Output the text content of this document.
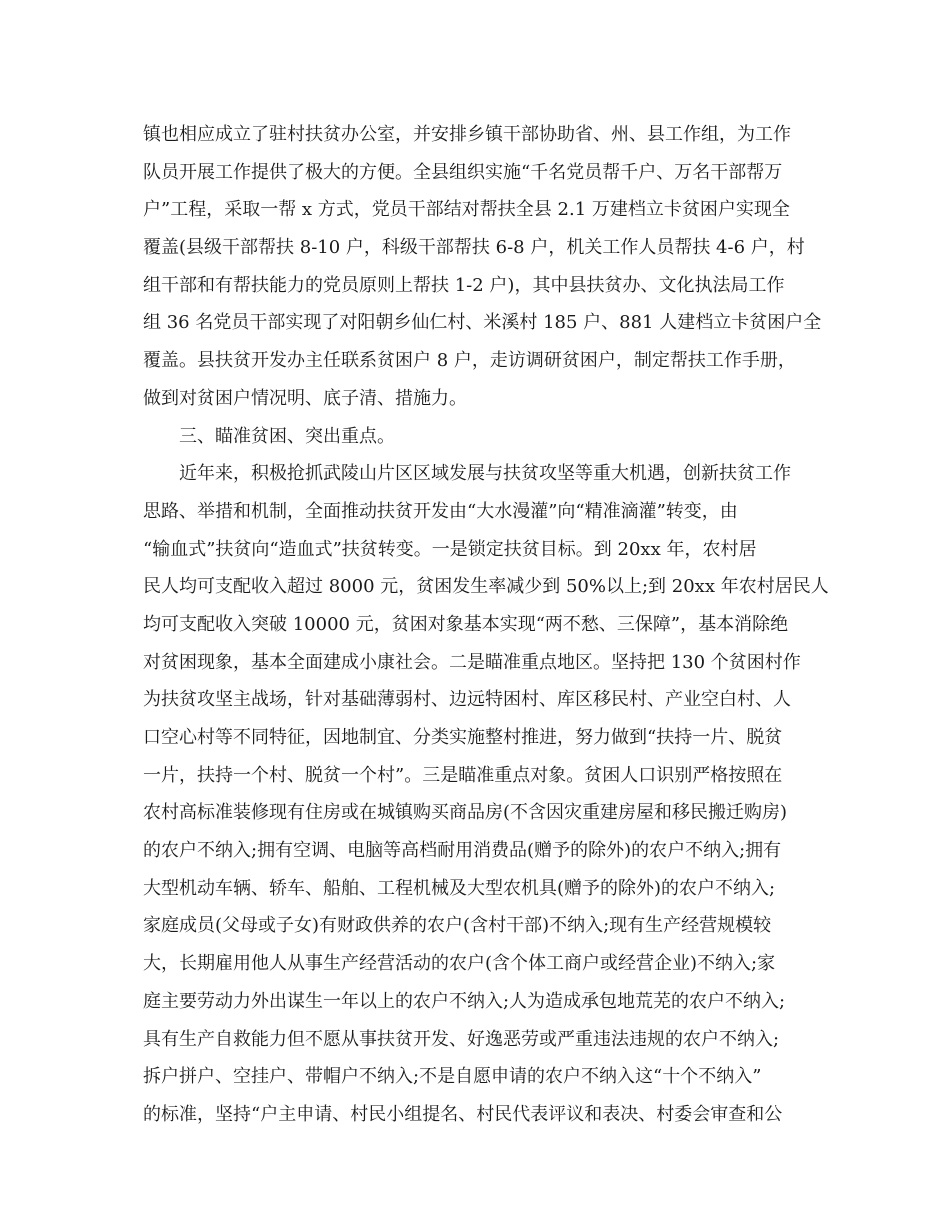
镇也相应成立了驻村扶贫办公室，并安排乡镇干部协助省、州、县工作组，为工作
队员开展工作提供了极大的方便。全县组织实施“千名党员帮千户、万名干部帮万
户”工程，采取一帮 x 方式，党员干部结对帮扶全县 2.1 万建档立卡贫困户实现全
覆盖(县级干部帮扶 8-10 户，科级干部帮扶 6-8 户，机关工作人员帮扶 4-6 户，村
组干部和有帮扶能力的党员原则上帮扶 1-2 户)，其中县扶贫办、文化执法局工作
组 36 名党员干部实现了对阳朝乡仙仁村、米溪村 185 户、881 人建档立卡贫困户全
覆盖。县扶贫开发办主任联系贫困户 8 户，走访调研贫困户，制定帮扶工作手册，
做到对贫困户情况明、底子清、措施力。
三、瞄准贫困、突出重点。
近年来，积极抢抓武陵山片区区域发展与扶贫攻坚等重大机遇，创新扶贫工作
思路、举措和机制，全面推动扶贫开发由“大水漫灌”向“精准滴灌”转变，由
“输血式”扶贫向“造血式”扶贫转变。一是锁定扶贫目标。到 20xx 年，农村居
民人均可支配收入超过 8000 元，贫困发生率减少到 50%以上;到 20xx 年农村居民人
均可支配收入突破 10000 元，贫困对象基本实现“两不愁、三保障”，基本消除绝
对贫困现象，基本全面建成小康社会。二是瞄准重点地区。坚持把 130 个贫困村作
为扶贫攻坚主战场，针对基础薄弱村、边远特困村、库区移民村、产业空白村、人
口空心村等不同特征，因地制宜、分类实施整村推进，努力做到“扶持一片、脱贫
一片，扶持一个村、脱贫一个村”。三是瞄准重点对象。贫困人口识别严格按照在
农村高标准装修现有住房或在城镇购买商品房(不含因灾重建房屋和移民搬迁购房)
的农户不纳入;拥有空调、电脑等高档耐用消费品(赠予的除外)的农户不纳入;拥有
大型机动车辆、轿车、船舶、工程机械及大型农机具(赠予的除外)的农户不纳入;
家庭成员(父母或子女)有财政供养的农户(含村干部)不纳入;现有生产经营规模较
大，长期雇用他人从事生产经营活动的农户(含个体工商户或经营企业)不纳入;家
庭主要劳动力外出谋生一年以上的农户不纳入;人为造成承包地荒芜的农户不纳入;
具有生产自救能力但不愿从事扶贫开发、好逸恶劳或严重违法违规的农户不纳入;
拆户拼户、空挂户、带帽户不纳入;不是自愿申请的农户不纳入这“十个不纳入”
的标准，坚持“户主申请、村民小组提名、村民代表评议和表决、村委会审查和公
